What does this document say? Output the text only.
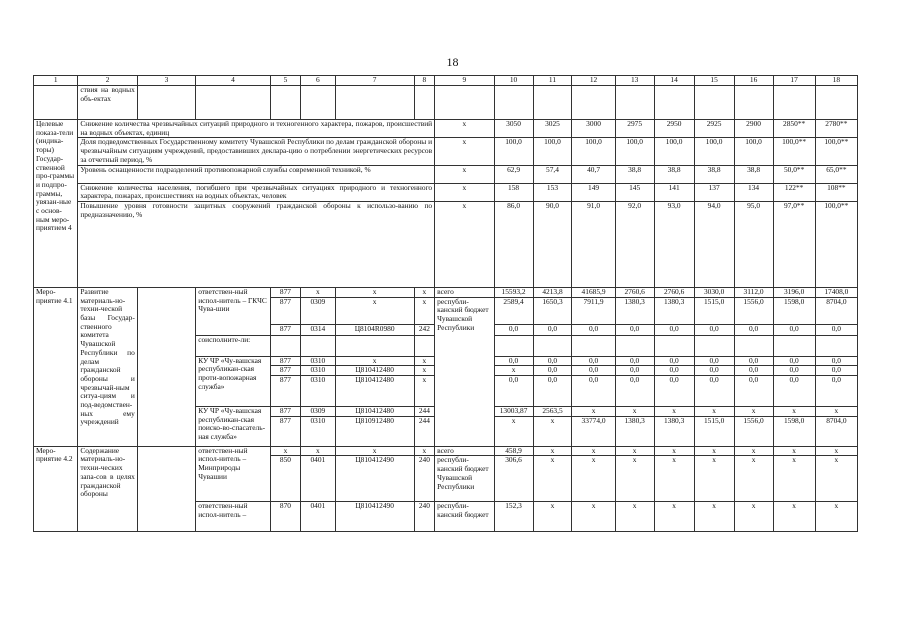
18
1	2	3	4	5	6	7	8	9	10	11	12	13	14	15	16	17	18
	ствия на водных объ-ектах																
Целевые показа-тели (индика-торы) Государ-ственной про-граммы и подпро-граммы, увязан-ные с основ-ным меро-приятием 4	Снижение количества чрезвычайных ситуаций природного и техногенного характера, пожаров, происшествий на водных объектах, единиц							x	3050	3025	3000	2975	2950	2925	2900	2850**	2780**
	Доля подведомственных Государственному комитету Чувашской Республики по делам гражданской обороны и чрезвычайным ситуациям учреждений, предоставивших деклара-цию о потреблении энергетических ресурсов за отчетный период, %							x	100,0	100,0	100,0	100,0	100,0	100,0	100,0	100,0**	100,0**
	Уровень оснащенности подразделений противопожарной службы современной техникой, %							x	62,9	57,4	40,7	38,8	38,8	38,8	38,8	50,0**	65,0**
	Снижение количества населения, погибшего при чрезвычайных ситуациях природного и техногенного характера, пожарах, происшествиях на водных объектах, человек							x	158	153	149	145	141	137	134	122**	108**
	Повышение уровня готовности защитных сооружений гражданской обороны к использо-ванию по предназначению, %							x	86,0	90,0	91,0	92,0	93,0	94,0	95,0	97,0**	100,0**
Меро-приятие 4.1	Развитие материаль-но-техни-ческой базы Государ-ственного комитета Чувашской Республики по делам гражданской обороны и чрезвычай-ным ситуа-циям и под-ведомствен-ных ему учреждений		ответствен-ный испол-нитель – ГКЧС Чува-шии	877	x	x	x	всего	15593,2	4213,8	41685,9	2760,6	2760,6	3030,0	3112,0	3196,0	17408,0
				877	0309	x	x	республи-канский бюджет Чувашской Республики	2589,4	1650,3	7911,9	1380,3	1380,3	1515,0	1556,0	1598,0	8704,0
				877	0314	Ц8104R0980	242		0,0	0,0	0,0	0,0	0,0	0,0	0,0	0,0	0,0
			соисполните-ли:														
			КУ ЧР «Чу-вашская республикан-ская проти-вопожарная служба»	877	0310	x	x		0,0	0,0	0,0	0,0	0,0	0,0	0,0	0,0	0,0
				877	0310	Ц810412480	x		x	0,0	0,0	0,0	0,0	0,0	0,0	0,0	0,0
				877	0310	Ц810412480	x		0,0	0,0	0,0	0,0	0,0	0,0	0,0	0,0	0,0
			КУ ЧР «Чу-вашская республикан-ская поиско-во-спасатель-ная служба»	877	0309	Ц810412480	244		13003,87	2563,5	x	x	x	x	x	x	x
				877	0310	Ц810912480	244		x	x	33774,0	1380,3	1380,3	1515,0	1556,0	1598,0	8704,0
Меро-приятие 4.2	Содержание материаль-но-техни-ческих запа-сов в целях гражданской обороны		ответствен-ный испол-нитель – Минприроды Чувашии	x	x	x	x	всего	458,9	x	x	x	x	x	x	x	x
				850	0401	Ц810412490	240	республи-канский бюджет Чувашской Республики	306,6	x	x	x	x	x	x	x	x
			ответствен-ный испол-нитель –	870	0401	Ц810412490	240	республи-канский бюджет	152,3	x	x	x	x	x	x	x	x
